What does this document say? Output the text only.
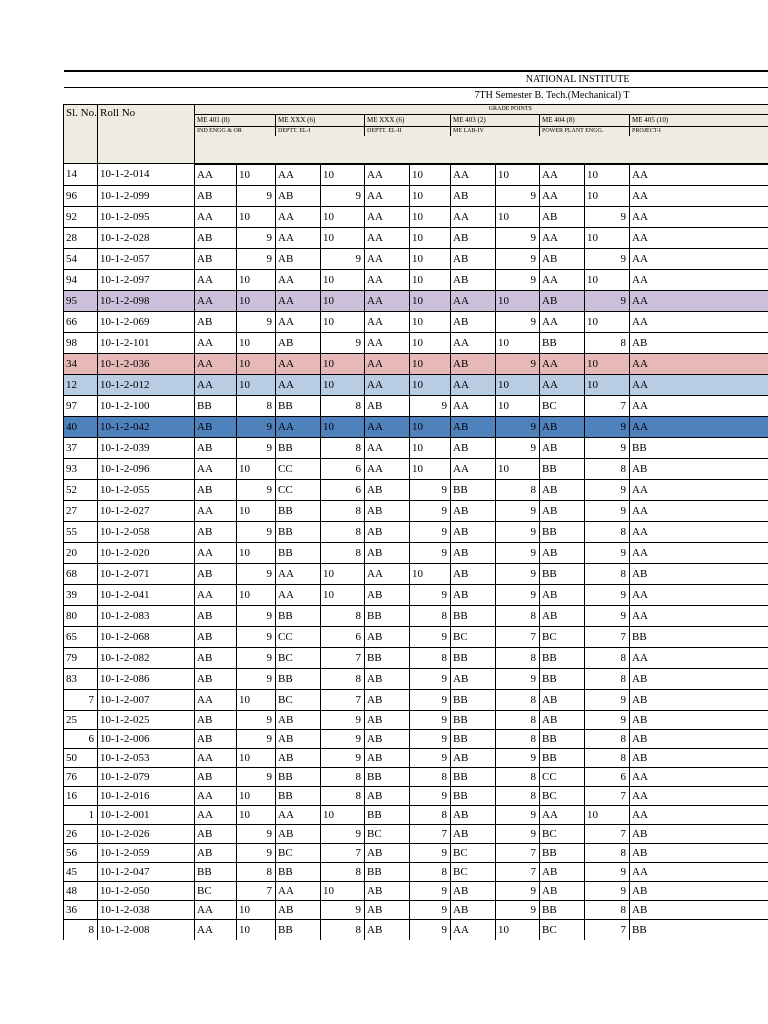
NATIONAL INSTITUTE													
7TH Semester B. Tech.(Mechanical) T													
Sl. No.	Roll No	GRADE POINTS											
		ME 401 (8)		ME XXX (6)		ME XXX (6)		ME 403 (2)		ME 404 (8)		ME 405 (10)	
		IND ENGG & OR		DEPTT. EL-I		DEPTT. EL-II		ME LAB-IV		POWER PLANT ENGG.		PROJECT-I	

14	10-1-2-014	AA	10	AA	10	AA	10	AA	10	AA	10	AA	
96	10-1-2-099	AB	9	AB	9	AA	10	AB	9	AA	10	AA	
92	10-1-2-095	AA	10	AA	10	AA	10	AA	10	AB	9	AA	
28	10-1-2-028	AB	9	AA	10	AA	10	AB	9	AA	10	AA	
54	10-1-2-057	AB	9	AB	9	AA	10	AB	9	AB	9	AA	
94	10-1-2-097	AA	10	AA	10	AA	10	AB	9	AA	10	AA	
95	10-1-2-098	AA	10	AA	10	AA	10	AA	10	AB	9	AA	
66	10-1-2-069	AB	9	AA	10	AA	10	AB	9	AA	10	AA	
98	10-1-2-101	AA	10	AB	9	AA	10	AA	10	BB	8	AB	
34	10-1-2-036	AA	10	AA	10	AA	10	AB	9	AA	10	AA	
12	10-1-2-012	AA	10	AA	10	AA	10	AA	10	AA	10	AA	
97	10-1-2-100	BB	8	BB	8	AB	9	AA	10	BC	7	AA	
40	10-1-2-042	AB	9	AA	10	AA	10	AB	9	AB	9	AA	
37	10-1-2-039	AB	9	BB	8	AA	10	AB	9	AB	9	BB	
93	10-1-2-096	AA	10	CC	6	AA	10	AA	10	BB	8	AB	
52	10-1-2-055	AB	9	CC	6	AB	9	BB	8	AB	9	AA	
27	10-1-2-027	AA	10	BB	8	AB	9	AB	9	AB	9	AA	
55	10-1-2-058	AB	9	BB	8	AB	9	AB	9	BB	8	AA	
20	10-1-2-020	AA	10	BB	8	AB	9	AB	9	AB	9	AA	
68	10-1-2-071	AB	9	AA	10	AA	10	AB	9	BB	8	AB	
39	10-1-2-041	AA	10	AA	10	AB	9	AB	9	AB	9	AA	
80	10-1-2-083	AB	9	BB	8	BB	8	BB	8	AB	9	AA	
65	10-1-2-068	AB	9	CC	6	AB	9	BC	7	BC	7	BB	
79	10-1-2-082	AB	9	BC	7	BB	8	BB	8	BB	8	AA	
83	10-1-2-086	AB	9	BB	8	AB	9	AB	9	BB	8	AB	
7	10-1-2-007	AA	10	BC	7	AB	9	BB	8	AB	9	AB	
25	10-1-2-025	AB	9	AB	9	AB	9	BB	8	AB	9	AB	
6	10-1-2-006	AB	9	AB	9	AB	9	BB	8	BB	8	AB	
50	10-1-2-053	AA	10	AB	9	AB	9	AB	9	BB	8	AB	
76	10-1-2-079	AB	9	BB	8	BB	8	BB	8	CC	6	AA	
16	10-1-2-016	AA	10	BB	8	AB	9	BB	8	BC	7	AA	
1	10-1-2-001	AA	10	AA	10	BB	8	AB	9	AA	10	AA	
26	10-1-2-026	AB	9	AB	9	BC	7	AB	9	BC	7	AB	
56	10-1-2-059	AB	9	BC	7	AB	9	BC	7	BB	8	AB	
45	10-1-2-047	BB	8	BB	8	BB	8	BC	7	AB	9	AA	
48	10-1-2-050	BC	7	AA	10	AB	9	AB	9	AB	9	AB	
36	10-1-2-038	AA	10	AB	9	AB	9	AB	9	BB	8	AB	
8	10-1-2-008	AA	10	BB	8	AB	9	AA	10	BC	7	BB	
